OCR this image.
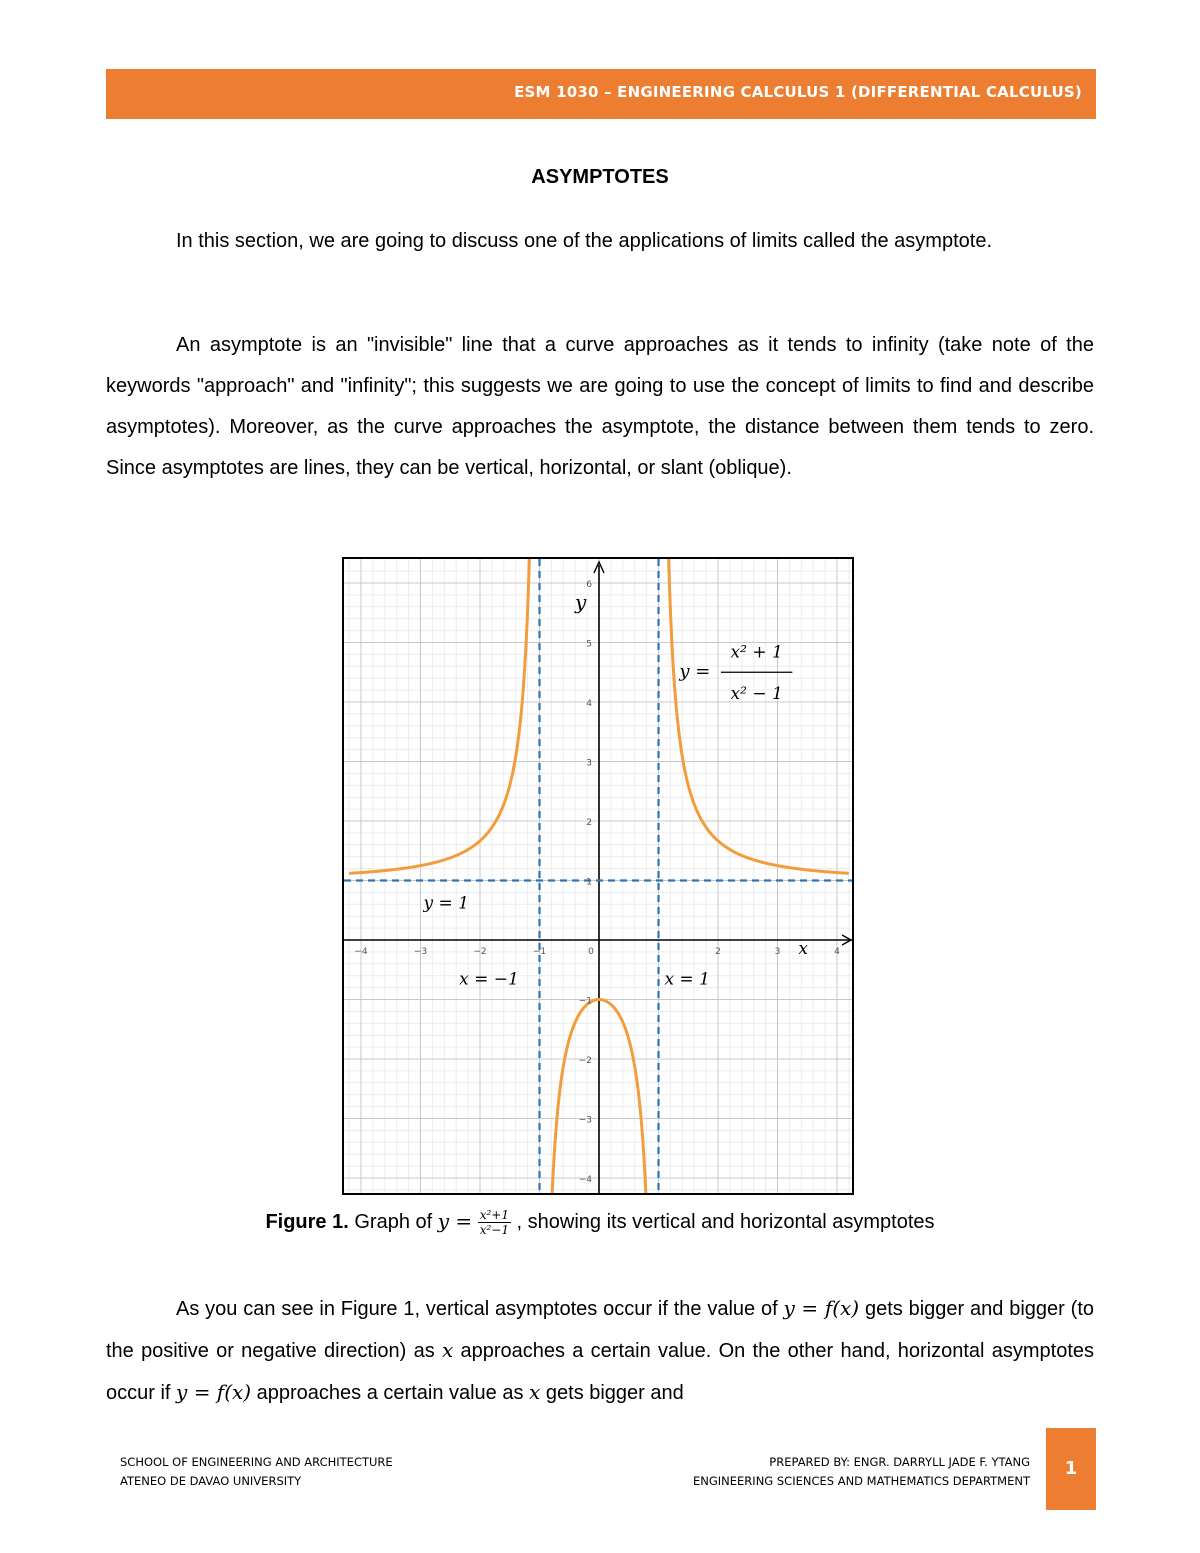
ESM 1030 – ENGINEERING CALCULUS 1 (DIFFERENTIAL CALCULUS)
ASYMPTOTES

In this section, we are going to discuss one of the applications of limits called the asymptote.

An asymptote is an "invisible" line that a curve approaches as it tends to infinity (take note of the keywords "approach" and "infinity"; this suggests we are going to use the concept of limits to find and describe asymptotes). Moreover, as the curve approaches the asymptote, the distance between them tends to zero. Since asymptotes are lines, they can be vertical, horizontal, or slant (oblique).

−4	−3	−2	−1	0	2	3	4
6
5
4
3
2
1
−1
−2
−3
−4
y
x
y = 1
x = −1	x = 1
y =
x² + 1
x² − 1
Figure 1. Graph of $y = \frac{\text{x²+1}}{\text{x²−1}}$ , showing its vertical and horizontal asymptotes

As you can see in Figure 1, vertical asymptotes occur if the value of y = f(x) gets bigger and bigger (to the positive or negative direction) as x approaches a certain value. On the other hand, horizontal asymptotes occur if y = f(x) approaches a certain value as x gets bigger and

SCHOOL OF ENGINEERING AND ARCHITECTURE
ATENEO DE DAVAO UNIVERSITY
PREPARED BY: ENGR. DARRYLL JADE F. YTANG
ENGINEERING SCIENCES AND MATHEMATICS DEPARTMENT
1
